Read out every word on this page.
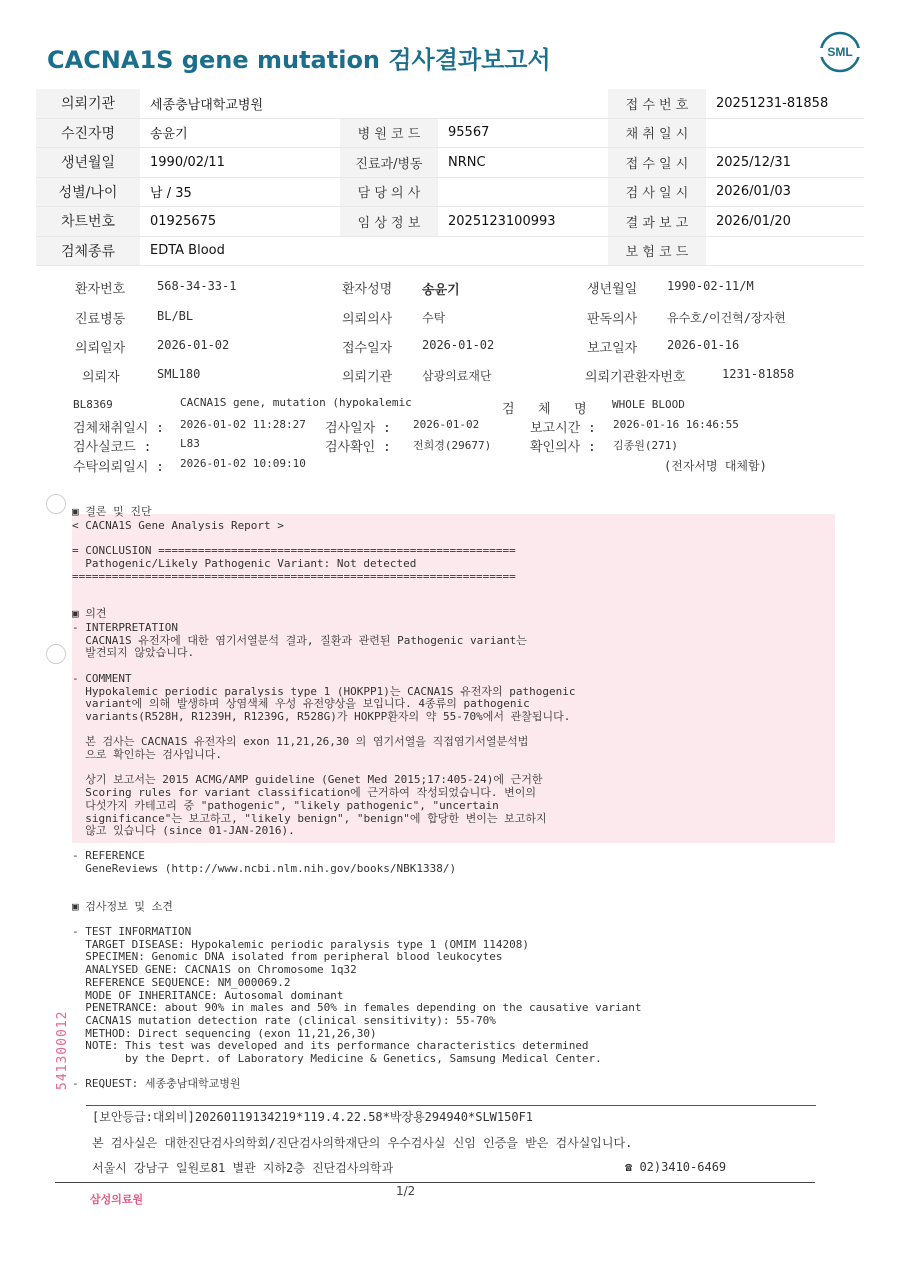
CACNA1S gene mutation 검사결과보고서	SML
의뢰기관	세종충남대학교병원			접 수 번 호	20251231-81858
수진자명	송윤기	병 원 코 드	95567	채 취 일 시	
생년월일	1990/02/11	진료과/병동	NRNC	접 수 일 시	2025/12/31
성별/나이	남 / 35	담 당 의 사		검 사 일 시	2026/01/03
차트번호	01925675	임 상 정 보	2025123100993	결 과 보 고	2026/01/20
검체종류	EDTA Blood			보 험 코 드	
환자번호	568-34-33-1	환자성명 송윤기	생년월일 1990-02-11/M
진료병동	BL/BL	의뢰의사 수탁	판독의사 유수호/이건혁/장자현
의뢰일자	2026-01-02	접수일자 2026-01-02	보고일자 2026-01-16
의뢰자	SML180	의뢰기관 삼광의료재단	의뢰기관환자번호	1231-81858
BL8369	CACNA1S gene, mutation (hypokalemic	검   체   명 WHOLE BLOOD
검체채취일시 : 2026-01-02 11:28:27 검사일자 : 2026-01-02	보고시간 : 2026-01-16 16:46:55
검사실코드 :	L83	검사확인 : 전희경(29677)	확인의사 : 김종원(271)
수탁의뢰일시 : 2026-01-02 10:09:10	(전자서명 대체함)
▣ 결론 및 진단
< CACNA1S Gene Analysis Report >

= CONCLUSION ======================================================
Pathogenic/Likely Pathogenic Variant: Not detected
===================================================================
▣ 의견
- INTERPRETATION
CACNA1S 유전자에 대한 염기서열분석 결과, 질환과 관련된 Pathogenic variant는
발견되지 않았습니다.

- COMMENT
Hypokalemic periodic paralysis type 1 (HOKPP1)는 CACNA1S 유전자의 pathogenic
variant에 의해 발생하며 상염색체 우성 유전양상을 보입니다. 4종류의 pathogenic
variants(R528H, R1239H, R1239G, R528G)가 HOKPP환자의 약 55-70%에서 관찰됩니다.

본 검사는 CACNA1S 유전자의 exon 11,21,26,30 의 염기서열을 직접염기서열분석법
으로 확인하는 검사입니다.

상기 보고서는 2015 ACMG/AMP guideline (Genet Med 2015;17:405-24)에 근거한
Scoring rules for variant classification에 근거하여 작성되었습니다. 변이의
다섯가지 카테고리 중 "pathogenic", "likely pathogenic", "uncertain
significance"는 보고하고, "likely benign", "benign"에 합당한 변이는 보고하지
않고 있습니다 (since 01-JAN-2016).
- REFERENCE
GeneReviews (http://www.ncbi.nlm.nih.gov/books/NBK1338/)
▣ 검사정보 및 소견
- TEST INFORMATION
TARGET DISEASE: Hypokalemic periodic paralysis type 1 (OMIM 114208)
SPECIMEN: Genomic DNA isolated from peripheral blood leukocytes
ANALYSED GENE: CACNA1S on Chromosome 1q32
REFERENCE SEQUENCE: NM_000069.2
MODE OF INHERITANCE: Autosomal dominant
PENETRANCE: about 90% in males and 50% in females depending on the causative variant
CACNA1S mutation detection rate (clinical sensitivity): 55-70%
METHOD: Direct sequencing (exon 11,21,26,30)
NOTE: This test was developed and its performance characteristics determined
by the Deprt. of Laboratory Medicine & Genetics, Samsung Medical Center.
- REQUEST: 세종충남대학교병원
541300012
[보안등급:대외비]20260119134219*119.4.22.58*박장용294940*SLW150F1
본 검사실은 대한진단검사의학회/진단검사의학재단의 우수검사실 신임 인증을 받은 검사실입니다.
서울시 강남구 일원로81 별관 지하2층 진단검사의학과	☎ 02)3410-6469
삼성의료원
1/2
